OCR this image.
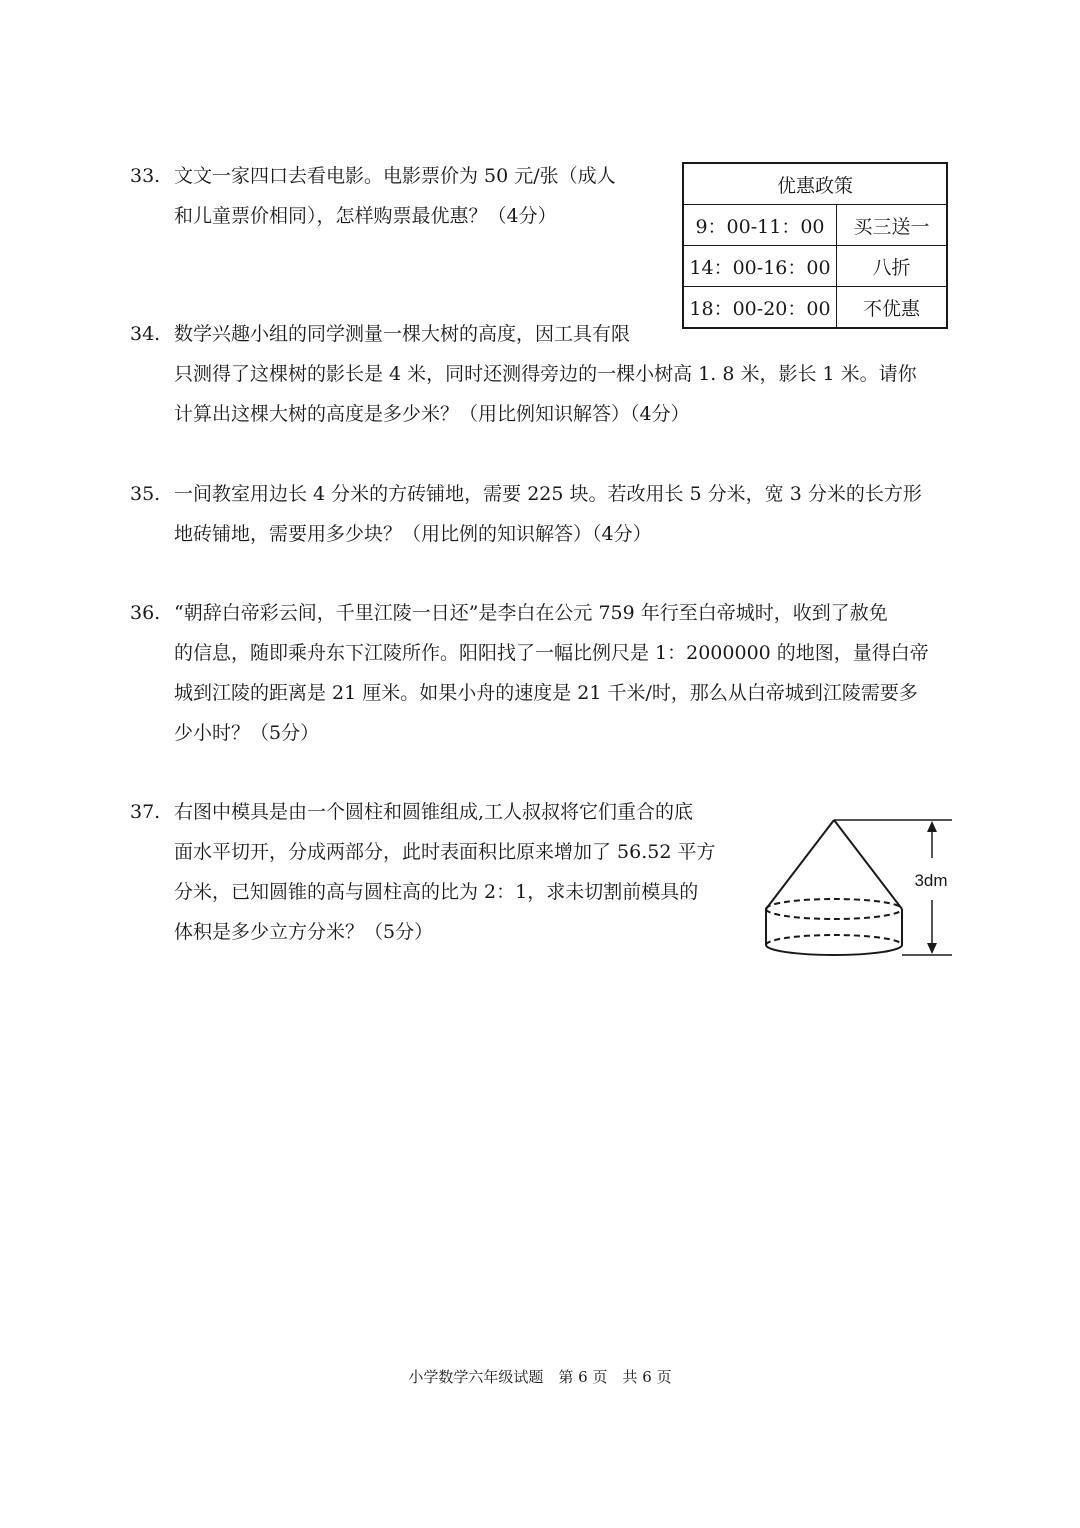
33. 文文一家四口去看电影。电影票价为 50 元/张（成人
和儿童票价相同），怎样购票最优惠？（4分）
优惠政策	
9：00-11：00	买三送一
14：00-16：00	八折
18：00-20：00	不优惠
34. 数学兴趣小组的同学测量一棵大树的高度，因工具有限
只测得了这棵树的影长是 4 米，同时还测得旁边的一棵小树高 1. 8 米，影长 1 米。请你
计算出这棵大树的高度是多少米？（用比例知识解答）（4分）
35. 一间教室用边长 4 分米的方砖铺地，需要 225 块。若改用长 5 分米，宽 3 分米的长方形
地砖铺地，需要用多少块？（用比例的知识解答）（4分）
36. “朝辞白帝彩云间，千里江陵一日还”是李白在公元 759 年行至白帝城时，收到了赦免
的信息，随即乘舟东下江陵所作。阳阳找了一幅比例尺是 1：2000000 的地图，量得白帝
城到江陵的距离是 21 厘米。如果小舟的速度是 21 千米/时，那么从白帝城到江陵需要多
少小时？（5分）
37. 右图中模具是由一个圆柱和圆锥组成,工人叔叔将它们重合的底
面水平切开，分成两部分，此时表面积比原来增加了 56.52 平方
分米，已知圆锥的高与圆柱高的比为 2：1，求未切割前模具的
体积是多少立方分米？（5分）
3dm
小学数学六年级试题　第 6 页　共 6 页
